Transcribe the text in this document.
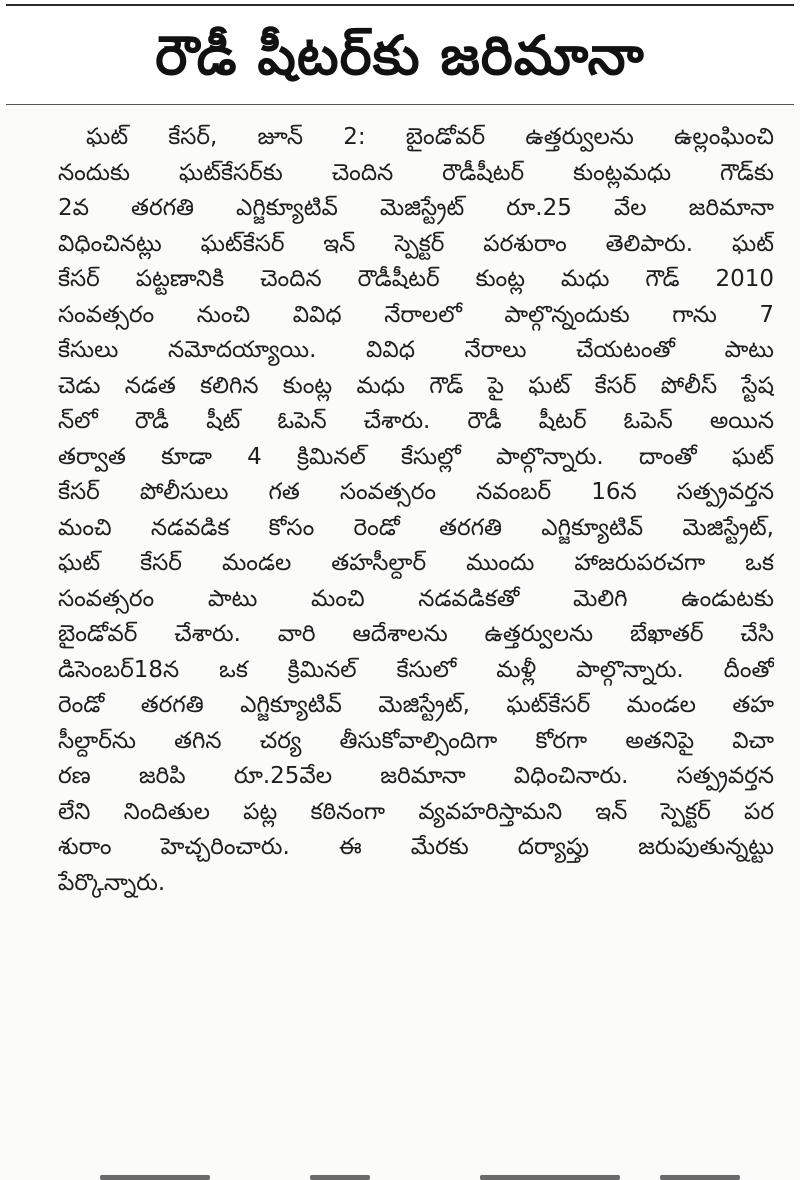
రౌడీ షీటర్‌కు జరిమానా
ఘట్ కేసర్, జూన్ 2: బైండోవర్ ఉత్తర్వులను ఉల్లంఘించి
నందుకు ఘట్‌కేసర్‌కు చెందిన రౌడీషీటర్ కుంట్లమధు గౌడ్‌కు
2వ తరగతి ఎగ్జిక్యూటివ్ మెజిస్ట్రేట్ రూ.25 వేల జరిమానా
విధించినట్లు ఘట్‌కేసర్ ఇన్ స్పెక్టర్ పరశురాం తెలిపారు. ఘట్
కేసర్ పట్టణానికి చెందిన రౌడీషీటర్ కుంట్ల మధు గౌడ్ 2010
సంవత్సరం నుంచి వివిధ నేరాలలో పాల్గొన్నందుకు గాను 7
కేసులు నమోదయ్యాయి. వివిధ నేరాలు చేయటంతో పాటు
చెడు నడత కలిగిన కుంట్ల మధు గౌడ్ పై ఘట్ కేసర్ పోలీస్ స్టేష
న్‌లో రౌడీ షీట్ ఓపెన్ చేశారు. రౌడీ షీటర్ ఓపెన్ అయిన
తర్వాత కూడా 4 క్రిమినల్ కేసుల్లో పాల్గొన్నారు. దాంతో ఘట్
కేసర్ పోలీసులు గత సంవత్సరం నవంబర్ 16న సత్ప్రవర్తన
మంచి నడవడిక కోసం రెండో తరగతి ఎగ్జిక్యూటివ్ మెజిస్ట్రేట్,
ఘట్ కేసర్ మండల తహసీల్దార్ ముందు హాజరుపరచగా ఒక
సంవత్సరం పాటు మంచి నడవడికతో మెలిగి ఉండుటకు
బైండోవర్ చేశారు. వారి ఆదేశాలను ఉత్తర్వులను బేఖాతర్ చేసి
డిసెంబర్18న ఒక క్రిమినల్ కేసులో మళ్లీ పాల్గొన్నారు. దీంతో
రెండో తరగతి ఎగ్జిక్యూటివ్ మెజిస్ట్రేట్, ఘట్‌కేసర్ మండల తహ
సీల్దార్‌ను తగిన చర్య తీసుకోవాల్సిందిగా కోరగా అతనిపై విచా
రణ జరిపి రూ.25వేల జరిమానా విధించినారు. సత్ప్రవర్తన
లేని నిందితుల పట్ల కఠినంగా వ్యవహరిస్తామని ఇన్ స్పెక్టర్ పర
శురాం హెచ్చరించారు. ఈ మేరకు దర్యాప్తు జరుపుతున్నట్టు
పేర్కొన్నారు.
